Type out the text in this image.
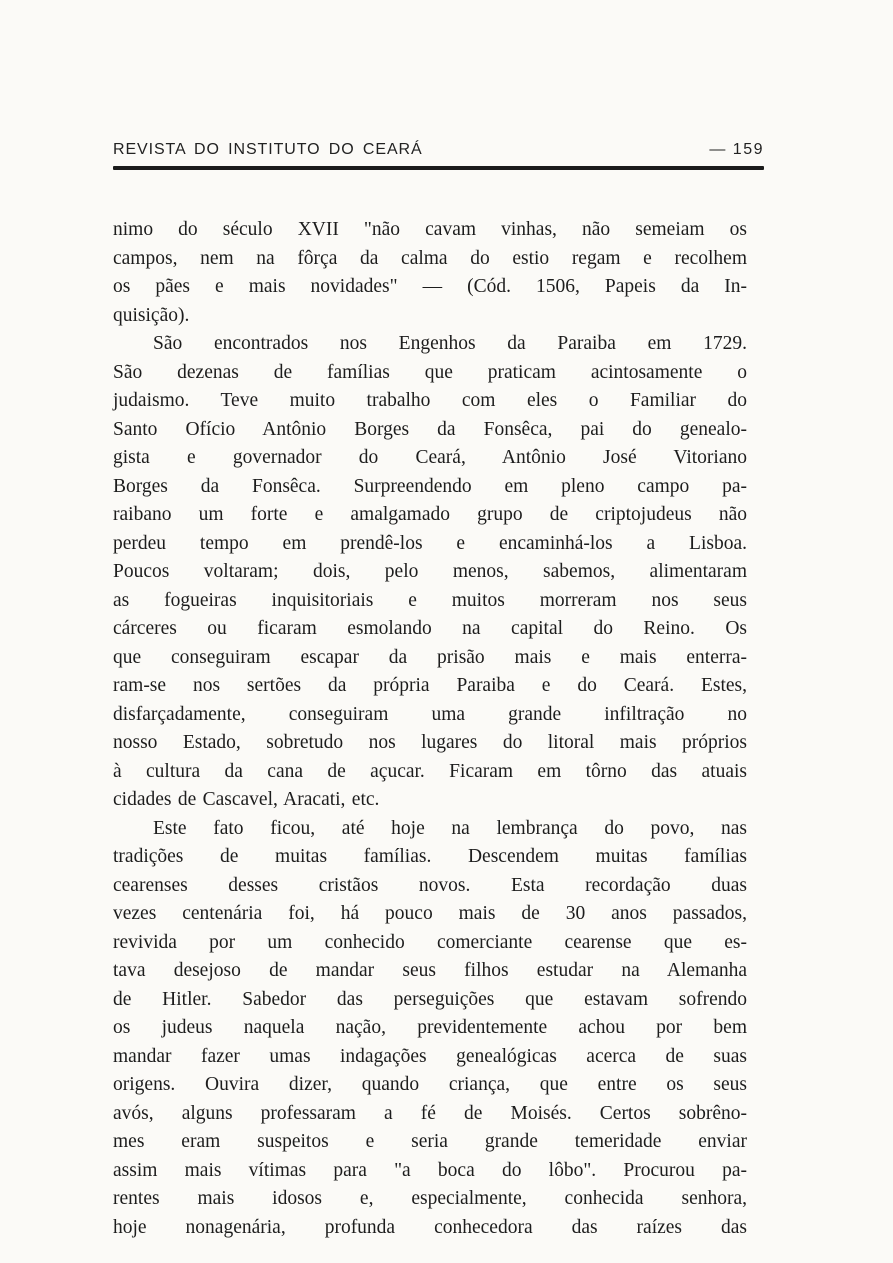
REVISTA DO INSTITUTO DO CEARÁ	— 159
nimo do século XVII "não cavam vinhas, não semeiam os
campos, nem na fôrça da calma do estio regam e recolhem
os pães e mais novidades" — (Cód. 1506, Papeis da In-
quisição).
São encontrados nos Engenhos da Paraiba em 1729.
São dezenas de famílias que praticam acintosamente o
judaismo. Teve muito trabalho com eles o Familiar do
Santo Ofício Antônio Borges da Fonsêca, pai do genealo-
gista e governador do Ceará, Antônio José Vitoriano
Borges da Fonsêca. Surpreendendo em pleno campo pa-
raibano um forte e amalgamado grupo de criptojudeus não
perdeu tempo em prendê-los e encaminhá-los a Lisboa.
Poucos voltaram; dois, pelo menos, sabemos, alimentaram
as fogueiras inquisitoriais e muitos morreram nos seus
cárceres ou ficaram esmolando na capital do Reino. Os
que conseguiram escapar da prisão mais e mais enterra-
ram-se nos sertões da própria Paraiba e do Ceará. Estes,
disfarçadamente, conseguiram uma grande infiltração no
nosso Estado, sobretudo nos lugares do litoral mais próprios
à cultura da cana de açucar. Ficaram em tôrno das atuais
cidades de Cascavel, Aracati, etc.
Este fato ficou, até hoje na lembrança do povo, nas
tradições de muitas famílias. Descendem muitas famílias
cearenses desses cristãos novos. Esta recordação duas
vezes centenária foi, há pouco mais de 30 anos passados,
revivida por um conhecido comerciante cearense que es-
tava desejoso de mandar seus filhos estudar na Alemanha
de Hitler. Sabedor das perseguições que estavam sofrendo
os judeus naquela nação, previdentemente achou por bem
mandar fazer umas indagações genealógicas acerca de suas
origens. Ouvira dizer, quando criança, que entre os seus
avós, alguns professaram a fé de Moisés. Certos sobrêno-
mes eram suspeitos e seria grande temeridade enviar
assim mais vítimas para "a boca do lôbo". Procurou pa-
rentes mais idosos e, especialmente, conhecida senhora,
hoje nonagenária, profunda conhecedora das raízes das
